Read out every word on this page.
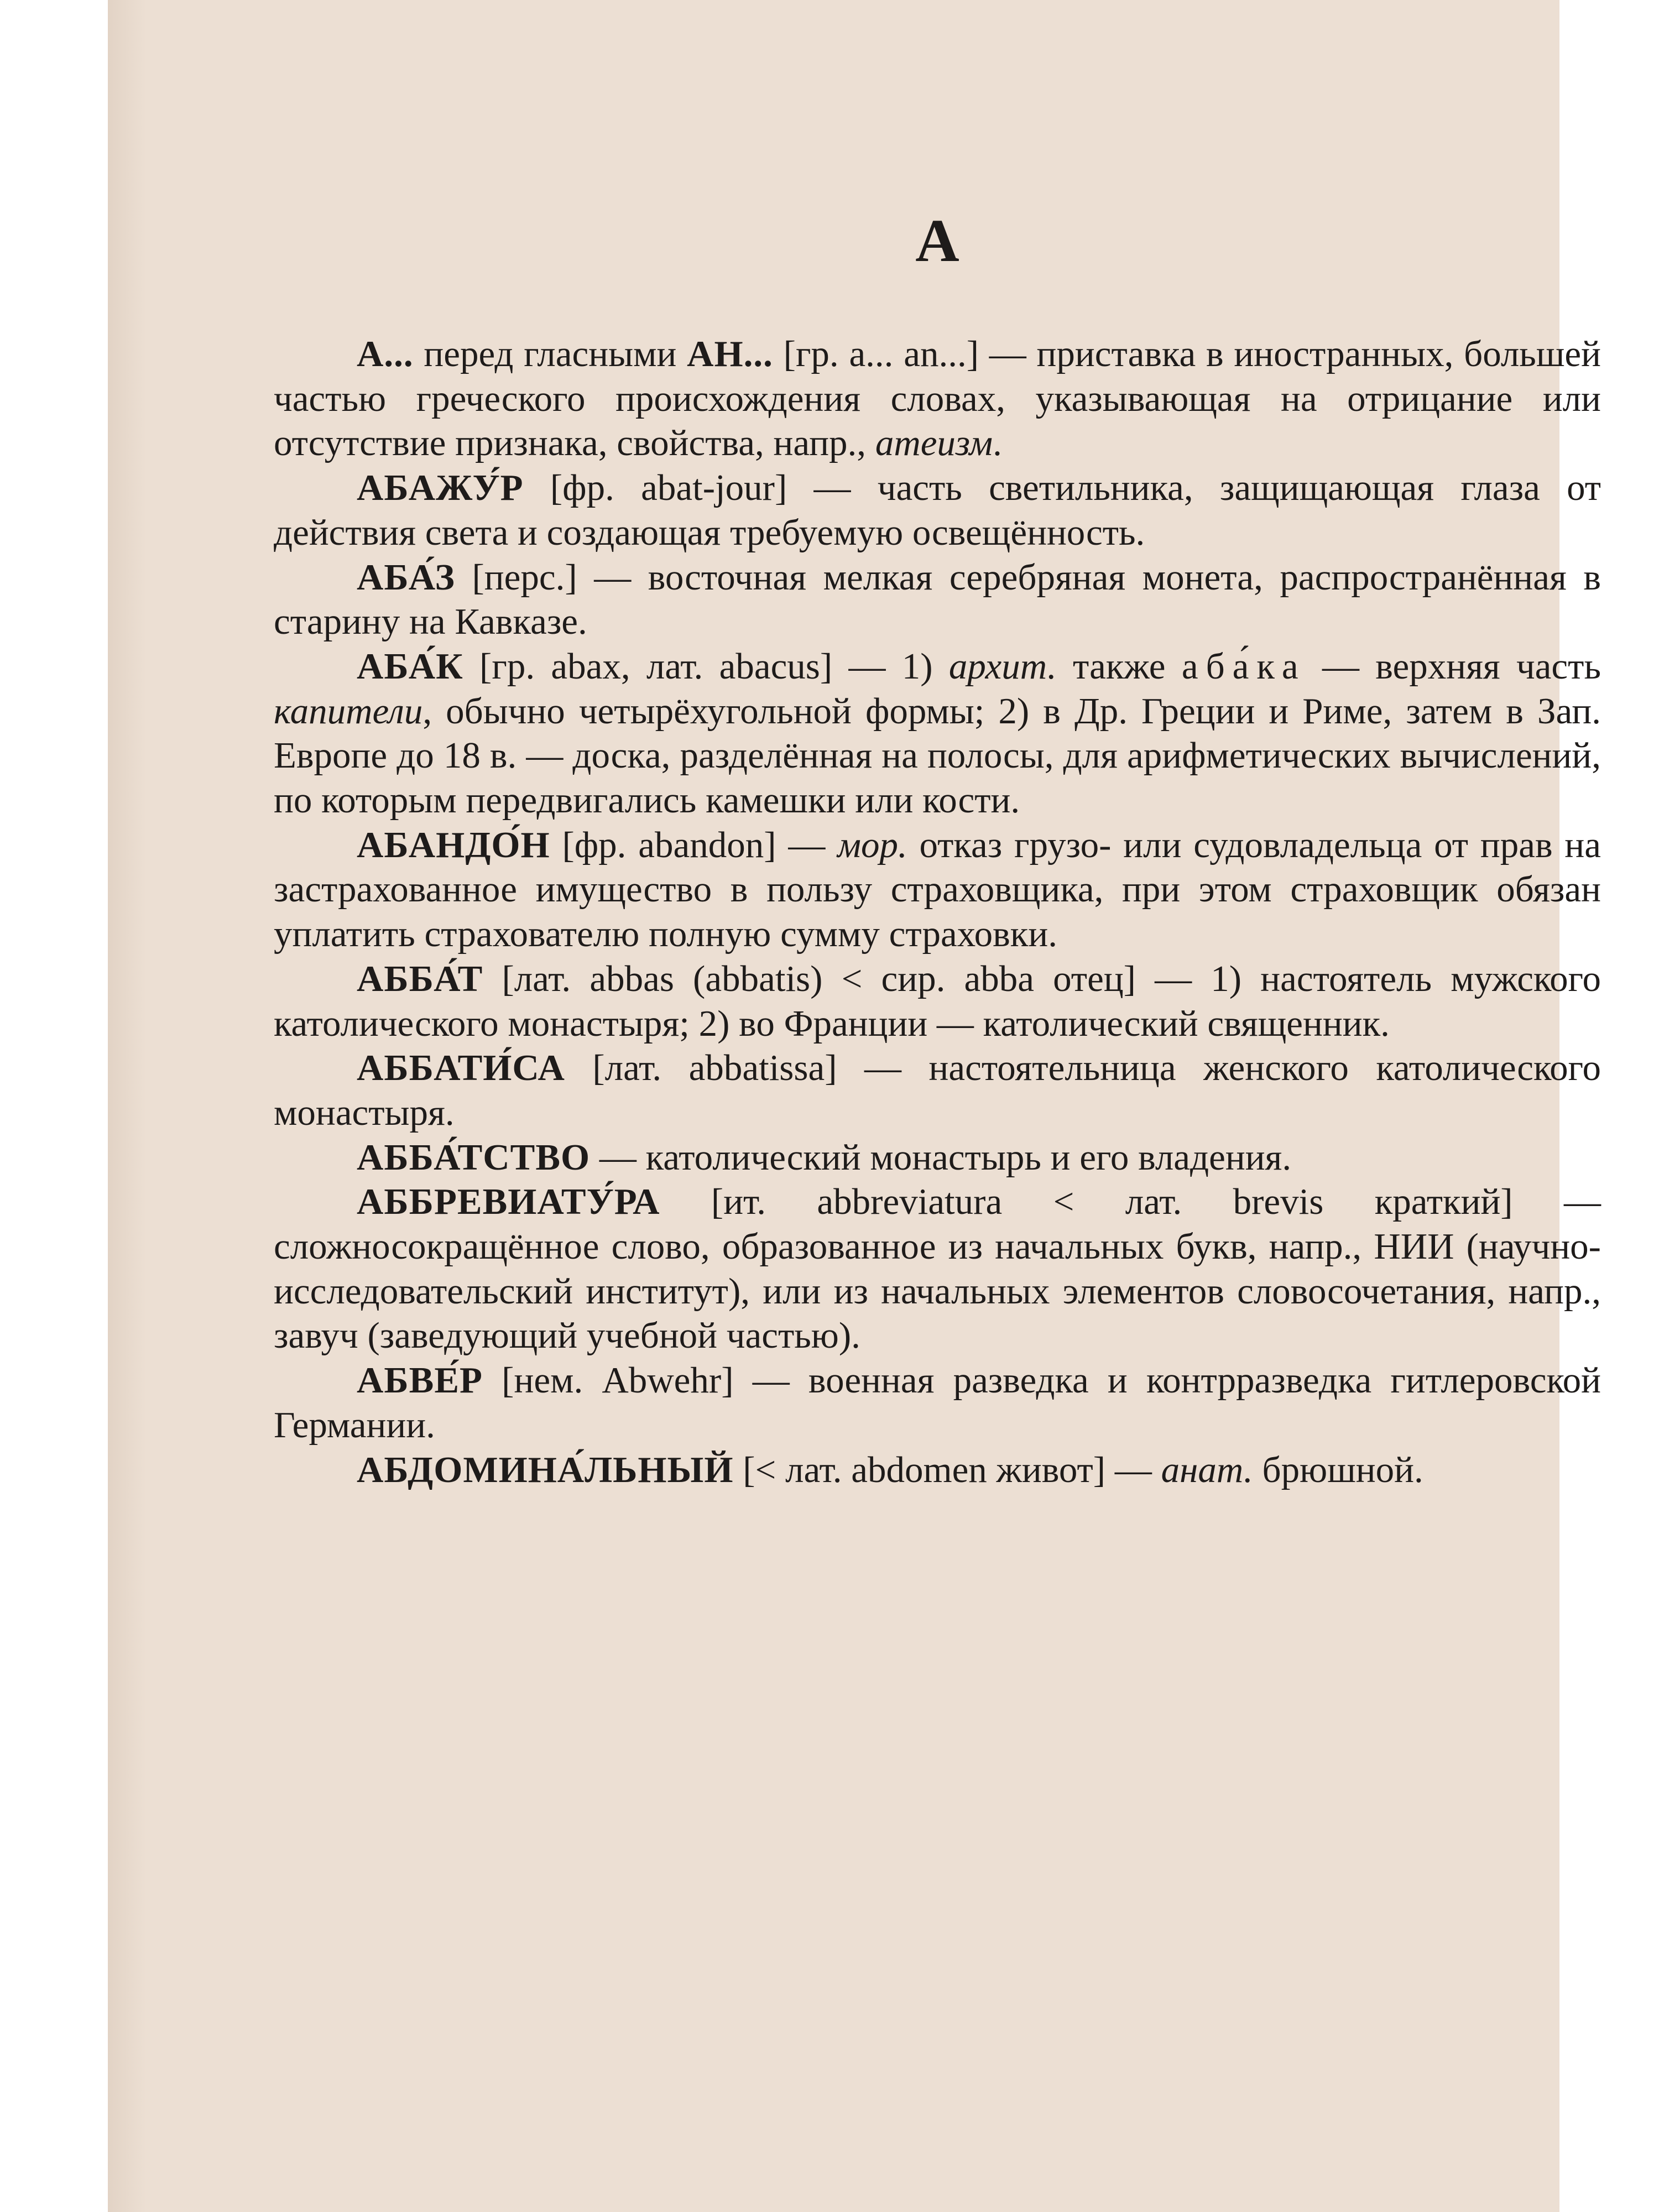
А

А... перед гласными АН... [гр. a... an...] — приставка в иностранных, большей частью греческого происхождения словах, указывающая на отрицание или отсутствие признака, свойства, напр., атеизм.

АБАЖУ́Р [фр. abat-jour] — часть светильника, защищающая глаза от действия света и создающая требуемую освещённость.

АБА́З [перс.] — восточная мелкая серебряная монета, распространённая в старину на Кавказе.

АБА́К [гр. abax, лат. abacus] — 1) архит. также аба́ка — верхняя часть капители, обычно четырёхугольной формы; 2) в Др. Греции и Риме, затем в Зап. Европе до 18 в. — доска, разделённая на полосы, для арифметических вычислений, по которым передвигались камешки или кости.

АБАНДО́Н [фр. abandon] — мор. отказ грузо- или судовладельца от прав на застрахованное имущество в пользу страховщика, при этом страховщик обязан уплатить страхователю полную сумму страховки.

АББА́Т [лат. abbas (abbatis) < сир. abba отец] — 1) настоятель мужского католического монастыря; 2) во Франции — католический священник.

АББАТИ́СА [лат. abbatissa] — настоятельница женского католического монастыря.

АББА́ТСТВО — католический монастырь и его владения.

АББРЕВИАТУ́РА [ит. abbreviatura < лат. brevis краткий] — сложносокращённое слово, образованное из начальных букв, напр., НИИ (научно-исследовательский институт), или из начальных элементов словосочетания, напр., завуч (заведующий учебной частью).

АБВЕ́Р [нем. Abwehr] — военная разведка и контрразведка гитлеровской Германии.

АБДОМИНА́ЛЬНЫЙ [< лат. abdomen живот] — анат. брюшной.
